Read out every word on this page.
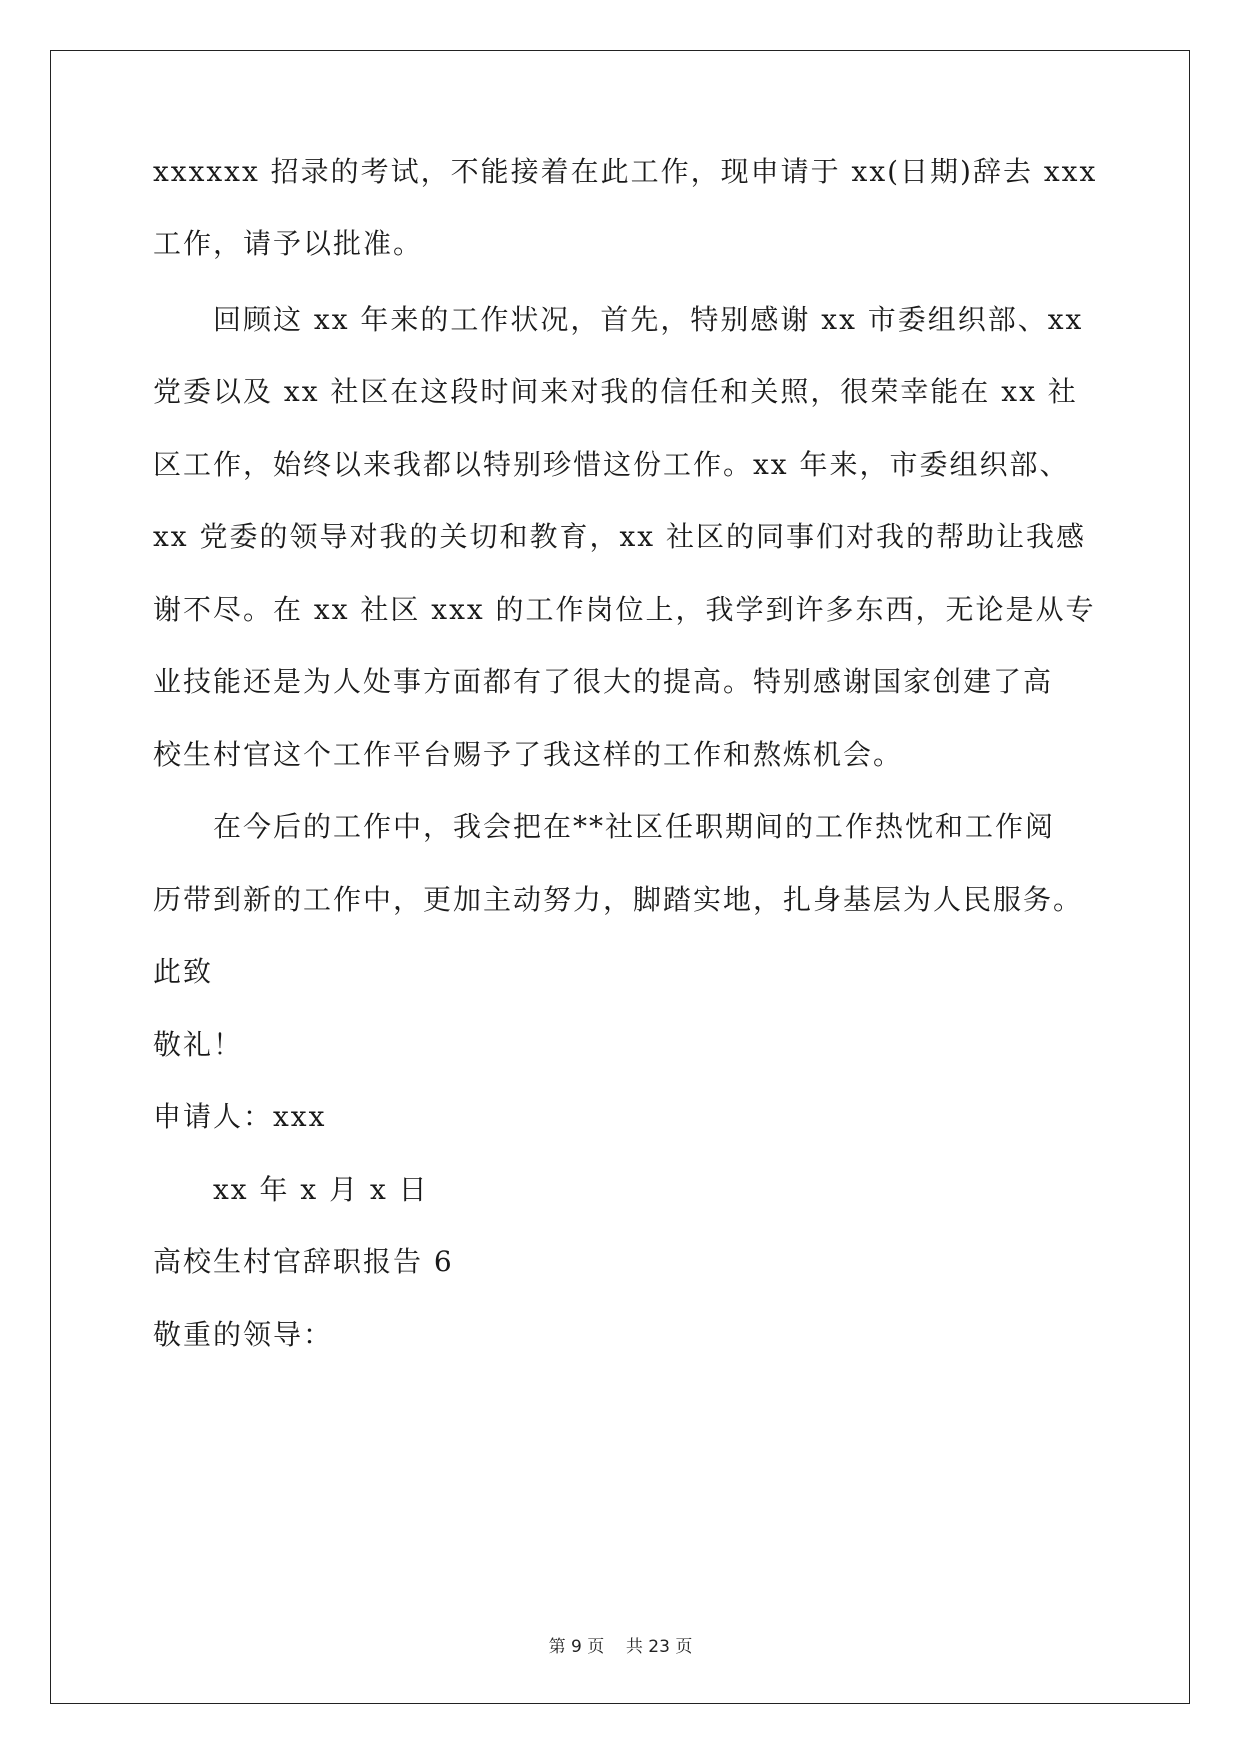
xxxxxx 招录的考试，不能接着在此工作，现申请于 xx(日期)辞去 xxx
工作，请予以批准。
回顾这 xx 年来的工作状况，首先，特别感谢 xx 市委组织部、xx
党委以及 xx 社区在这段时间来对我的信任和关照，很荣幸能在 xx 社
区工作，始终以来我都以特别珍惜这份工作。xx 年来，市委组织部、
xx 党委的领导对我的关切和教育，xx 社区的同事们对我的帮助让我感
谢不尽。在 xx 社区 xxx 的工作岗位上，我学到许多东西，无论是从专
业技能还是为人处事方面都有了很大的提高。特别感谢国家创建了高
校生村官这个工作平台赐予了我这样的工作和熬炼机会。
在今后的工作中，我会把在**社区任职期间的工作热忱和工作阅
历带到新的工作中，更加主动努力，脚踏实地，扎身基层为人民服务。
此致
敬礼！
申请人：xxx
xx 年 x 月 x 日
高校生村官辞职报告 6
敬重的领导：
第 9 页 共 23 页
